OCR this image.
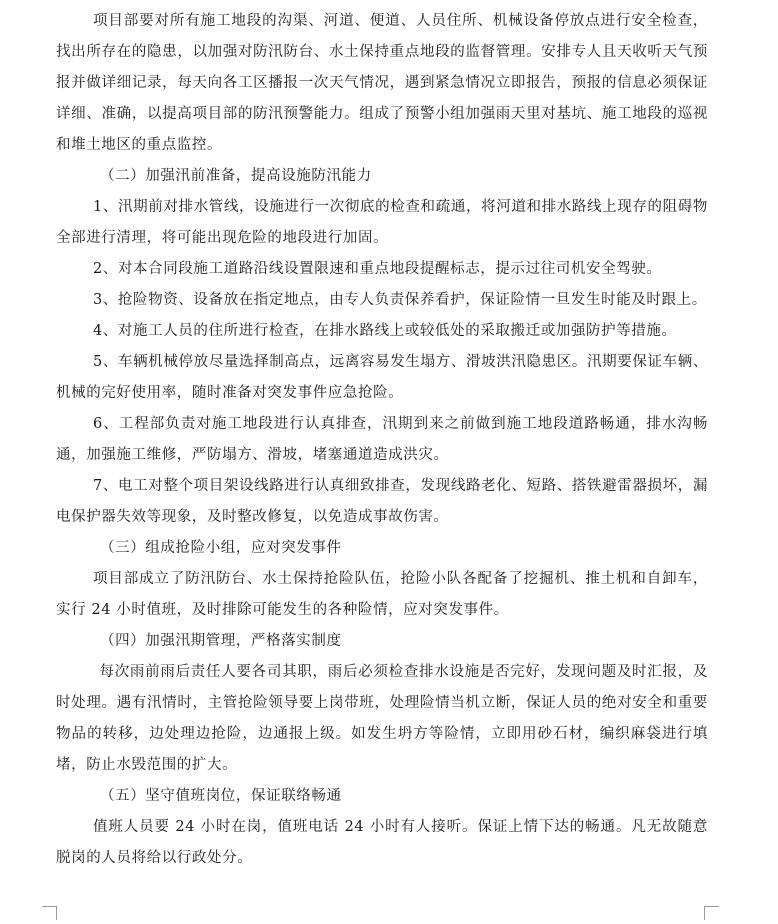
项目部要对所有施工地段的沟渠、河道、便道、人员住所、机械设备停放点进行安全检查，找出所存在的隐患，以加强对防汛防台、水土保持重点地段的监督管理。安排专人且天收听天气预报并做详细记录，每天向各工区播报一次天气情况，遇到紧急情况立即报告，预报的信息必须保证详细、准确，以提高项目部的防汛预警能力。组成了预警小组加强雨天里对基坑、施工地段的巡视和堆土地区的重点监控。

（二）加强汛前准备，提高设施防汛能力

1、汛期前对排水管线，设施进行一次彻底的检查和疏通，将河道和排水路线上现存的阻碍物全部进行清理，将可能出现危险的地段进行加固。

2、对本合同段施工道路沿线设置限速和重点地段提醒标志，提示过往司机安全驾驶。

3、抢险物资、设备放在指定地点，由专人负责保养看护，保证险情一旦发生时能及时跟上。

4、对施工人员的住所进行检查，在排水路线上或较低处的采取搬迁或加强防护等措施。

5、车辆机械停放尽量选择制高点，远离容易发生塌方、滑坡洪汛隐患区。汛期要保证车辆、机械的完好使用率，随时准备对突发事件应急抢险。

6、工程部负责对施工地段进行认真排查，汛期到来之前做到施工地段道路畅通，排水沟畅通，加强施工维修，严防塌方、滑坡，堵塞通道造成洪灾。

7、电工对整个项目架设线路进行认真细致排查，发现线路老化、短路、搭铁避雷器损坏，漏电保护器失效等现象，及时整改修复，以免造成事故伤害。

（三）组成抢险小组，应对突发事件

项目部成立了防汛防台、水土保持抢险队伍，抢险小队各配备了挖掘机、推土机和自卸车，实行 24 小时值班，及时排除可能发生的各种险情，应对突发事件。

（四）加强汛期管理，严格落实制度

每次雨前雨后责任人要各司其职，雨后必须检查排水设施是否完好，发现问题及时汇报，及时处理。遇有汛情时，主管抢险领导要上岗带班，处理险情当机立断，保证人员的绝对安全和重要物品的转移，边处理边抢险，边通报上级。如发生坍方等险情，立即用砂石材，编织麻袋进行填堵，防止水毁范围的扩大。

（五）坚守值班岗位，保证联络畅通

值班人员要 24 小时在岗，值班电话 24 小时有人接听。保证上情下达的畅通。凡无故随意脱岗的人员将给以行政处分。
